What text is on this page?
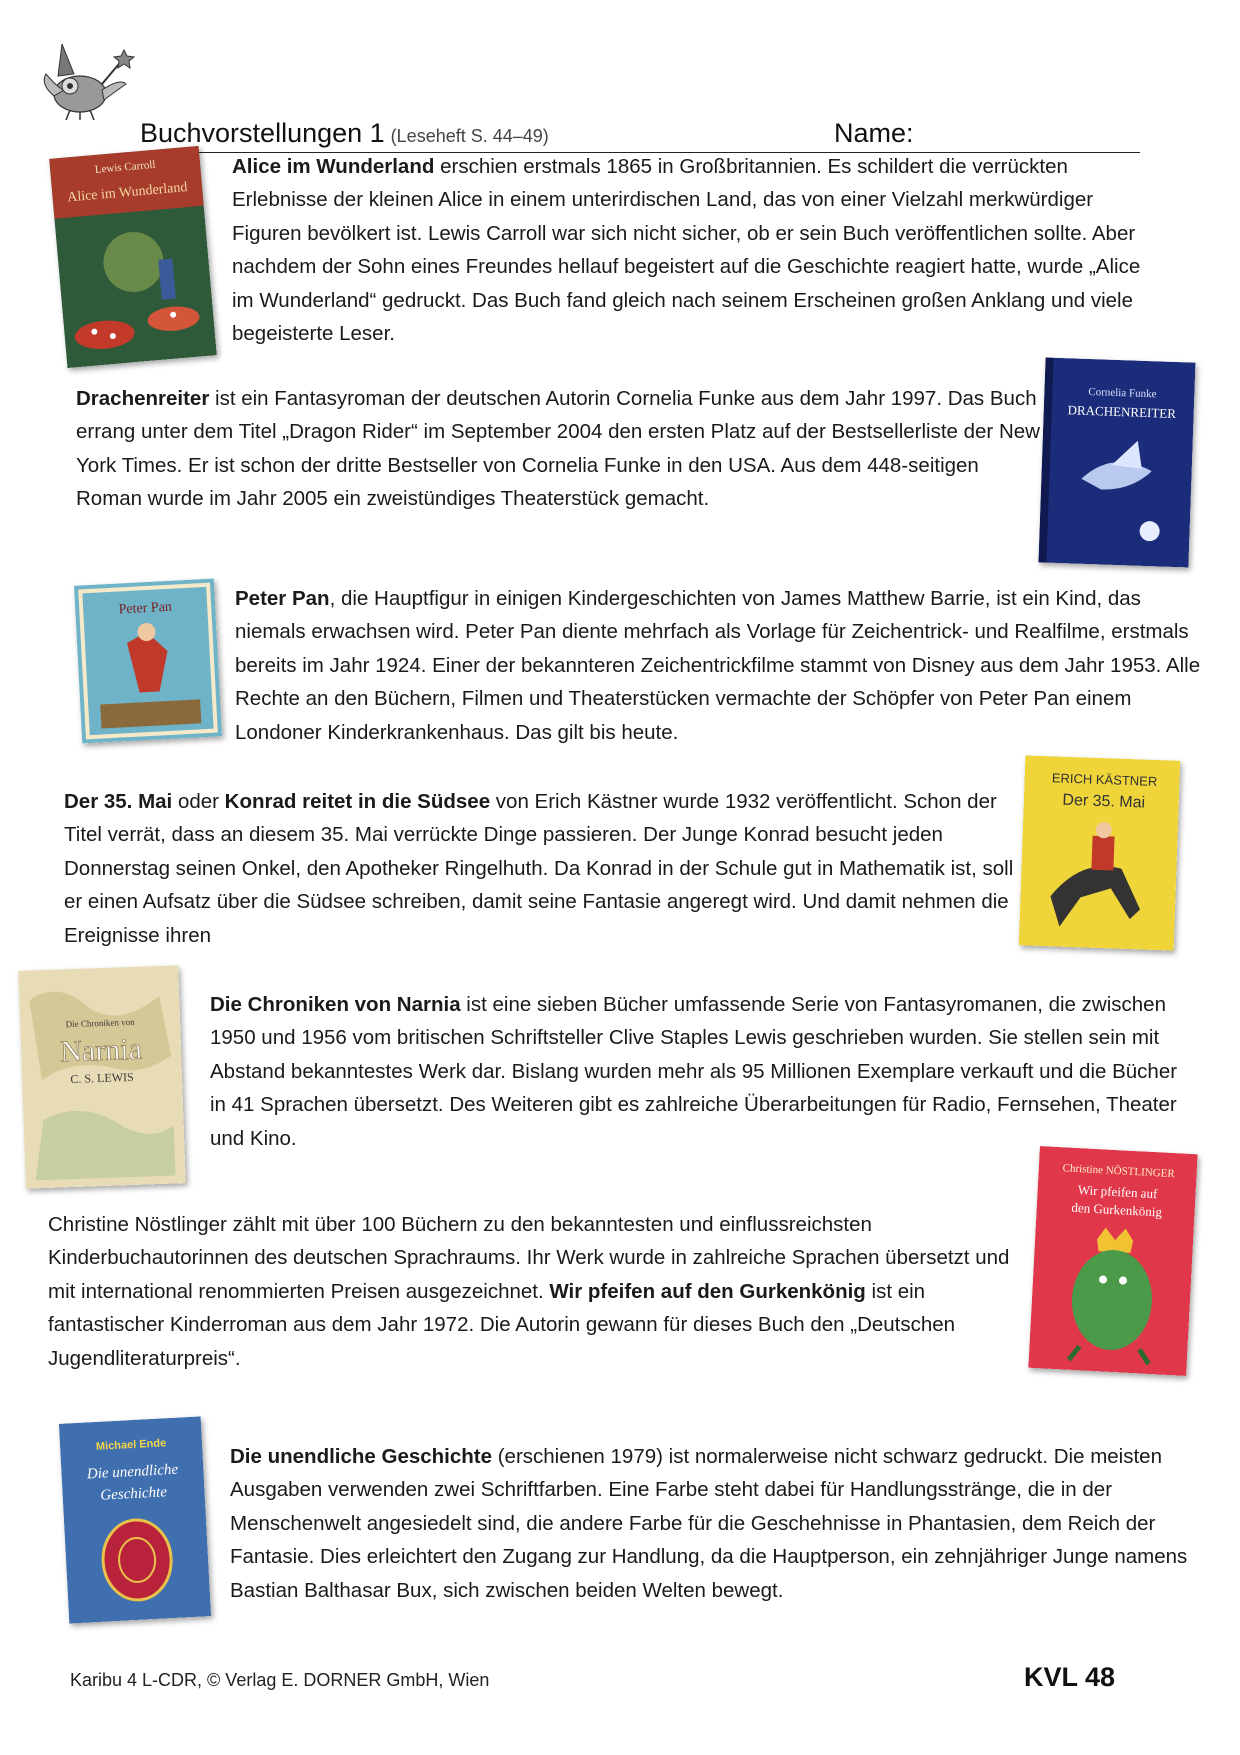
Buchvorstellungen 1 (Leseheft S. 44–49)	Name:
Lewis Carroll
Alice im Wunderland
Alice im Wunderland erschien erstmals 1865 in Großbritannien. Es schildert die verrückten Erlebnisse der kleinen Alice in einem unterirdischen Land, das von einer Vielzahl merkwürdiger Figuren bevölkert ist. Lewis Carroll war sich nicht sicher, ob er sein Buch veröffentlichen sollte. Aber nachdem der Sohn eines Freundes hellauf begeistert auf die Geschichte reagiert hatte, wurde „Alice im Wunderland“ gedruckt. Das Buch fand gleich nach seinem Erscheinen großen Anklang und viele begeisterte Leser.
Drachenreiter ist ein Fantasyroman der deutschen Autorin Cornelia Funke aus dem Jahr 1997. Das Buch errang unter dem Titel „Dragon Rider“ im September 2004 den ersten Platz auf der Bestsellerliste der New York Times. Er ist schon der dritte Bestseller von Cornelia Funke in den USA. Aus dem 448-seitigen Roman wurde im Jahr 2005 ein zweistündiges Theaterstück gemacht.
Cornelia Funke
DRACHENREITER
Peter Pan	Peter Pan, die Hauptfigur in einigen Kindergeschichten von James Matthew Barrie, ist ein Kind, das niemals erwachsen wird. Peter Pan diente mehrfach als Vorlage für Zeichentrick- und Realfilme, erstmals bereits im Jahr 1924. Einer der bekannteren Zeichentrickfilme stammt von Disney aus dem Jahr 1953. Alle Rechte an den Büchern, Filmen und Theaterstücken vermachte der Schöpfer von Peter Pan einem Londoner Kinderkrankenhaus. Das gilt bis heute.
Der 35. Mai oder Konrad reitet in die Südsee von Erich Kästner wurde 1932 veröffentlicht. Schon der Titel verrät, dass an diesem 35. Mai verrückte Dinge passieren. Der Junge Konrad besucht jeden Donnerstag seinen Onkel, den Apotheker Ringelhuth. Da Konrad in der Schule gut in Mathematik ist, soll er einen Aufsatz über die Südsee schreiben, damit seine Fantasie angeregt wird. Und damit nehmen die Ereignisse ihren
ERICH KÄSTNER
Der 35. Mai
Die Chroniken von
Narnia
C. S. LEWIS
Die Chroniken von Narnia ist eine sieben Bücher umfassende Serie von Fantasyromanen, die zwischen 1950 und 1956 vom britischen Schriftsteller Clive Staples Lewis geschrieben wurden. Sie stellen sein mit Abstand bekanntestes Werk dar. Bislang wurden mehr als 95 Millionen Exemplare verkauft und die Bücher in 41 Sprachen übersetzt. Des Weiteren gibt es zahlreiche Überarbeitungen für Radio, Fernsehen, Theater und Kino.
Christine Nöstlinger zählt mit über 100 Büchern zu den bekanntesten und einflussreichsten Kinderbuchautorinnen des deutschen Sprachraums. Ihr Werk wurde in zahlreiche Sprachen übersetzt und mit international renommierten Preisen ausgezeichnet. Wir pfeifen auf den Gurkenkönig ist ein fantastischer Kinderroman aus dem Jahr 1972. Die Autorin gewann für dieses Buch den „Deutschen Jugendliteraturpreis“.
Christine NÖSTLINGER
Wir pfeifen auf
den Gurkenkönig
Michael Ende
Die unendliche
Geschichte
Die unendliche Geschichte (erschienen 1979) ist normalerweise nicht schwarz gedruckt. Die meisten Ausgaben verwenden zwei Schriftfarben. Eine Farbe steht dabei für Handlungsstränge, die in der Menschenwelt angesiedelt sind, die andere Farbe für die Geschehnisse in Phantasien, dem Reich der Fantasie. Dies erleichtert den Zugang zur Handlung, da die Hauptperson, ein zehnjähriger Junge namens Bastian Balthasar Bux, sich zwischen beiden Welten bewegt.
Karibu 4 L-CDR, © Verlag E. DORNER GmbH, Wien	KVL 48
